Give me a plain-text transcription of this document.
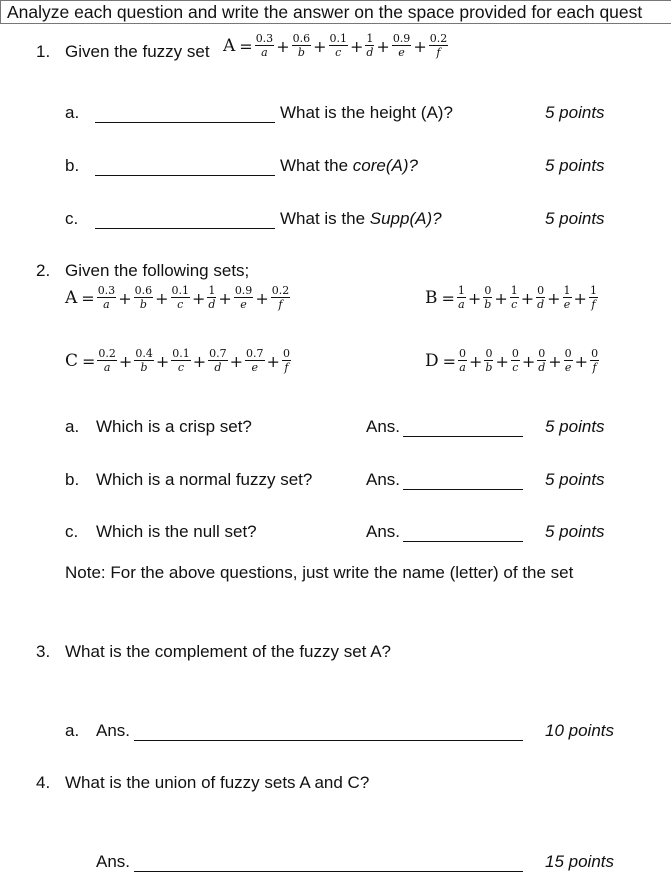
Analyze each question and write the answer on the space provided for each quest
1. Given the fuzzy set $A = \frac{0.3}{a} + \frac{0.6}{b} + \frac{0.1}{c} + \frac{1}{d} + \frac{0.9}{e} + \frac{0.2}{f}$
a.	What is the height (A)?	5 points
b.	What the core(A)?	5 points
c.	What is the Supp(A)?	5 points
2. Given the following sets;
$A = \frac{0.3}{a} + \frac{0.6}{b} + \frac{0.1}{c} + \frac{1}{d} + \frac{0.9}{e} + \frac{0.2}{f}$	$B = \frac{1}{a} + \frac{0}{b} + \frac{1}{c} + \frac{0}{d} + \frac{1}{e} + \frac{1}{f}$
$C = \frac{0.2}{a} + \frac{0.4}{b} + \frac{0.1}{c} + \frac{0.7}{d} + \frac{0.7}{e} + \frac{0}{f}$	$D = \frac{0}{a} + \frac{0}{b} + \frac{0}{c} + \frac{0}{d} + \frac{0}{e} + \frac{0}{f}$
a. Which is a crisp set?	Ans.	5 points
b. Which is a normal fuzzy set?	Ans.	5 points
c. Which is the null set?	Ans.	5 points
Note: For the above questions, just write the name (letter) of the set
3. What is the complement of the fuzzy set A?
a. Ans.	10 points
4. What is the union of fuzzy sets A and C?
Ans.	15 points
